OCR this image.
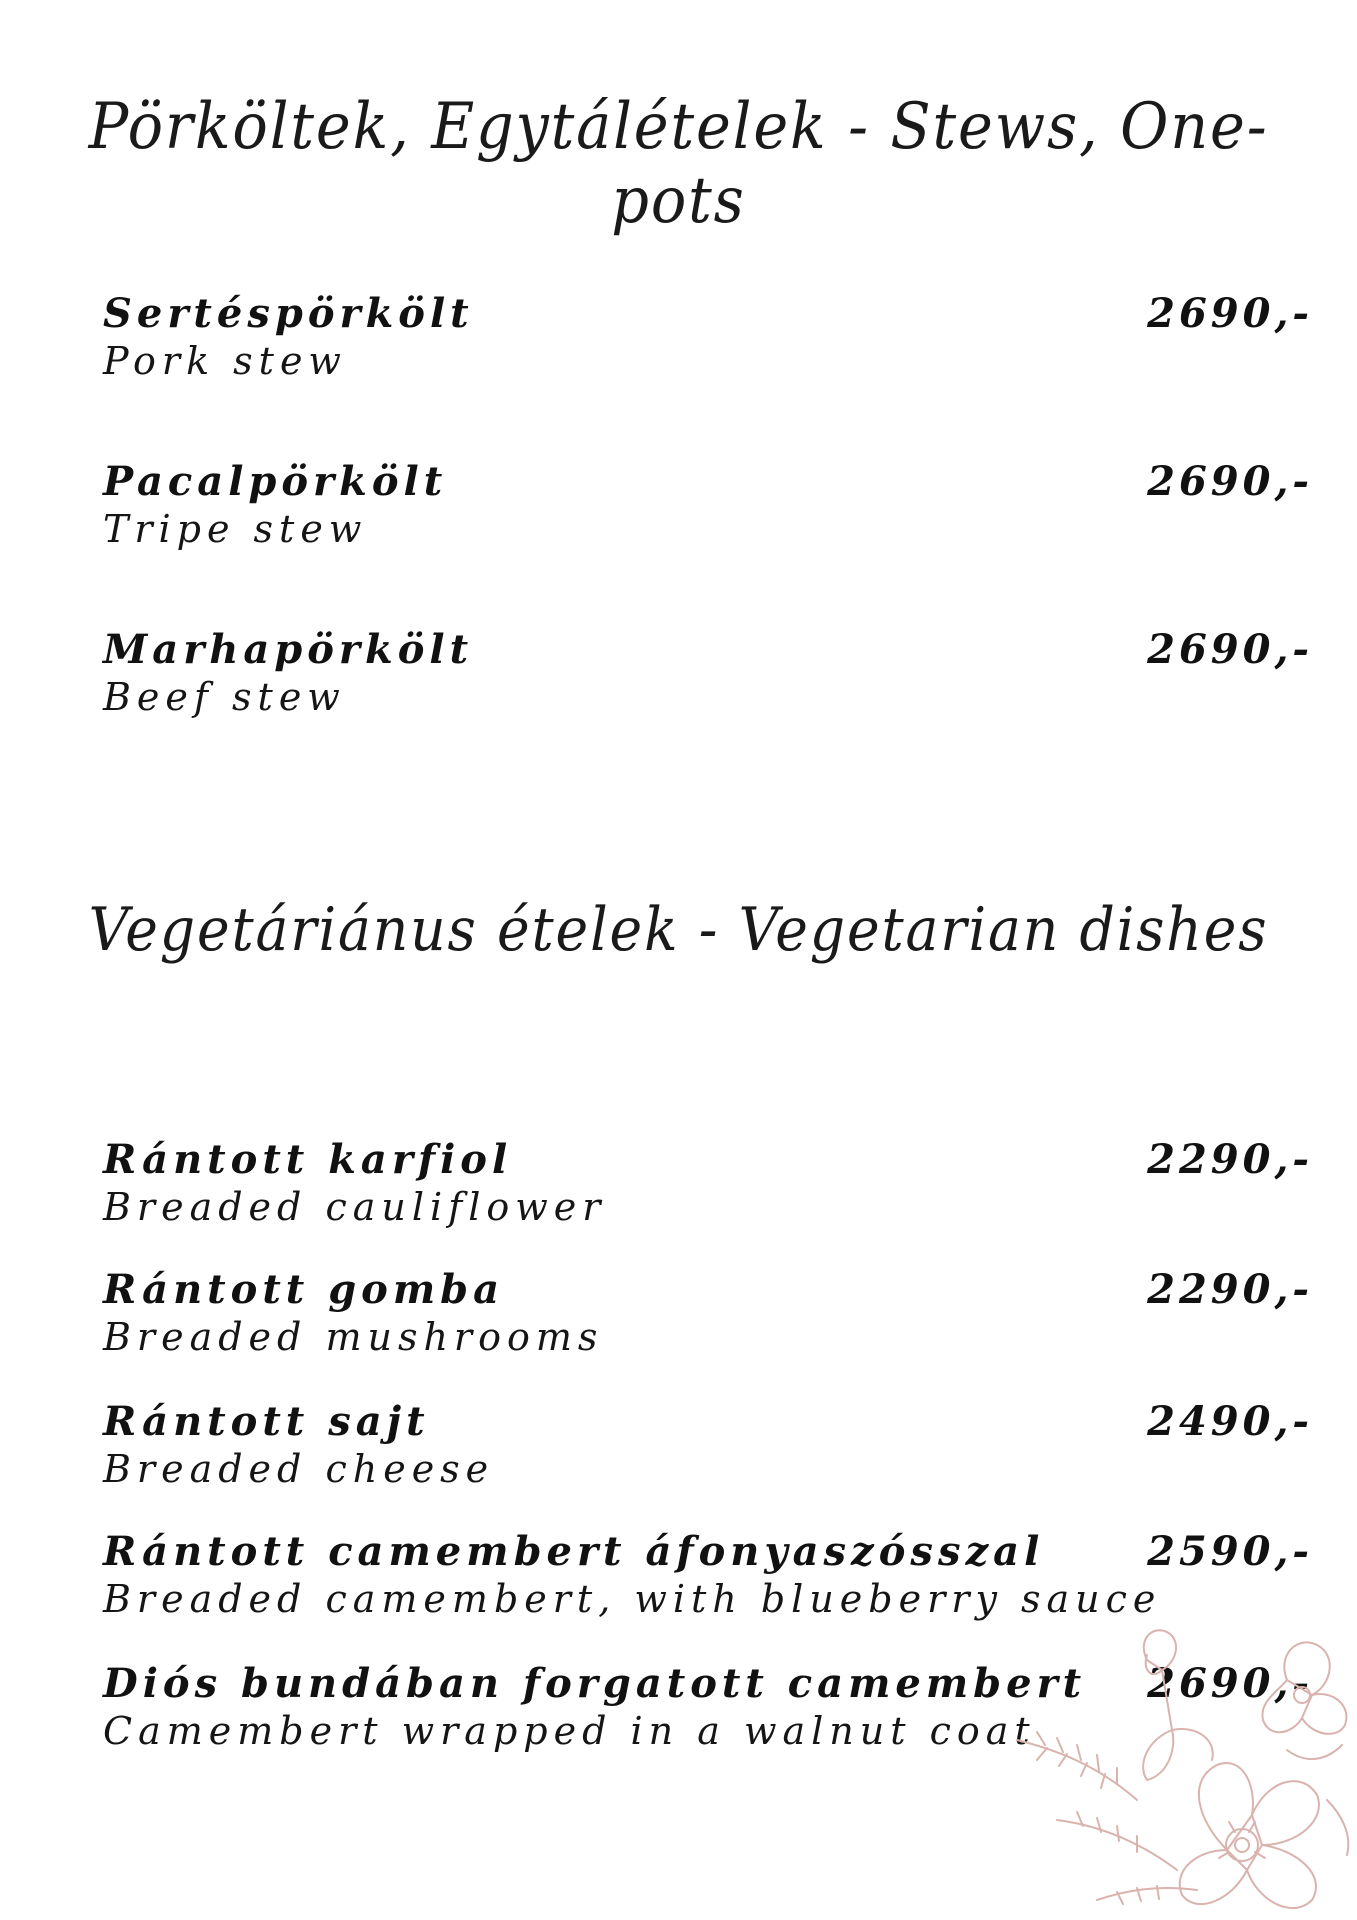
Pörköltek, Egytálételek - Stews, One-pots
Sertéspörkölt
Pork stew
2690,-
Pacalpörkölt
Tripe stew
2690,-
Marhapörkölt
Beef stew
2690,-
Vegetáriánus ételek - Vegetarian dishes
Rántott karfiol
Breaded cauliflower
2290,-
Rántott gomba
Breaded mushrooms
2290,-
Rántott sajt
Breaded cheese
2490,-
Rántott camembert áfonyaszósszal
Breaded camembert, with blueberry sauce
2590,-
Diós bundában forgatott camembert
Camembert wrapped in a walnut coat
2690,-
